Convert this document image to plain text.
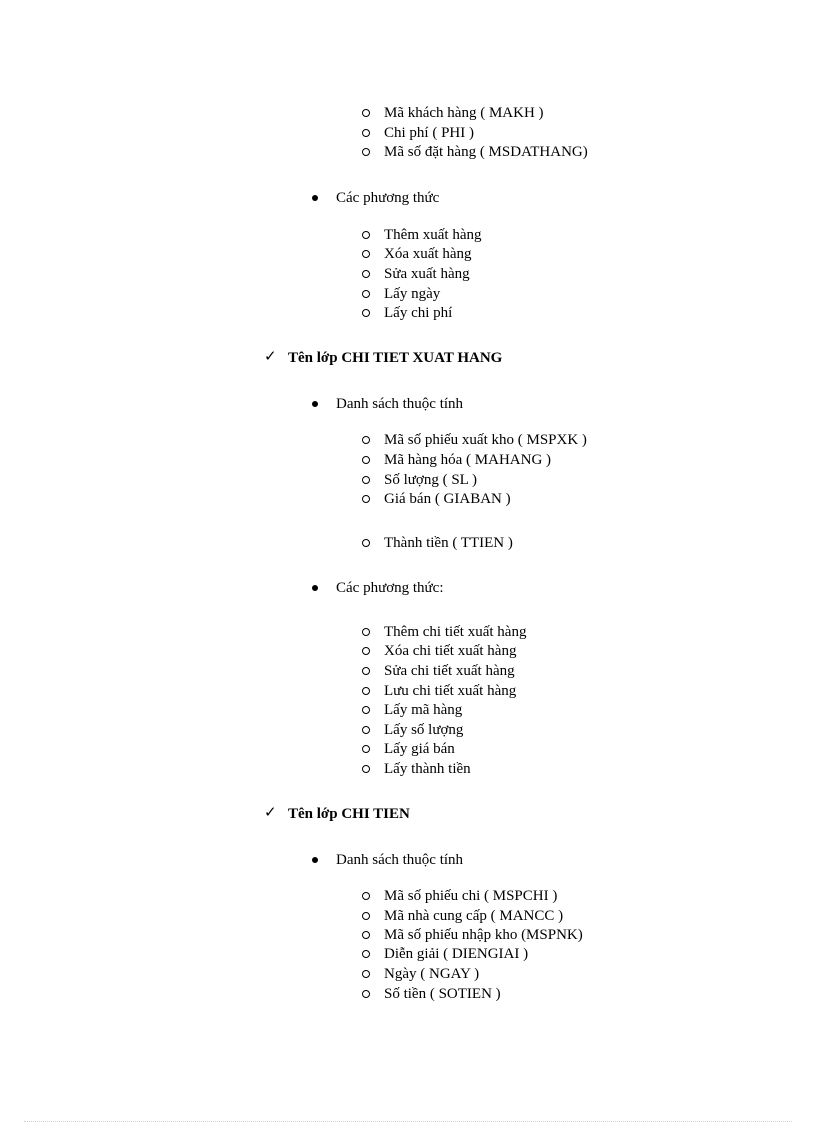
Mã khách hàng ( MAKH )
Chi phí ( PHI )
Mã số đặt hàng ( MSDATHANG)
Các phương thức
Thêm xuất hàng
Xóa xuất hàng
Sửa xuất hàng
Lấy ngày
Lấy chi phí
✓ Tên lớp CHI TIET XUAT HANG
Danh sách thuộc tính
Mã số phiếu xuất kho ( MSPXK )
Mã hàng hóa ( MAHANG )
Số lượng ( SL )
Giá bán ( GIABAN )
Thành tiền ( TTIEN )
Các phương thức:
Thêm chi tiết xuất hàng
Xóa chi tiết xuất hàng
Sửa chi tiết xuất hàng
Lưu chi tiết xuất hàng
Lấy mã hàng
Lấy số lượng
Lấy giá bán
Lấy thành tiền
✓ Tên lớp CHI TIEN
Danh sách thuộc tính
Mã số phiếu chi ( MSPCHI )
Mã nhà cung cấp ( MANCC )
Mã số phiếu nhập kho (MSPNK)
Diễn giải ( DIENGIAI )
Ngày ( NGAY )
Số tiền ( SOTIEN )
